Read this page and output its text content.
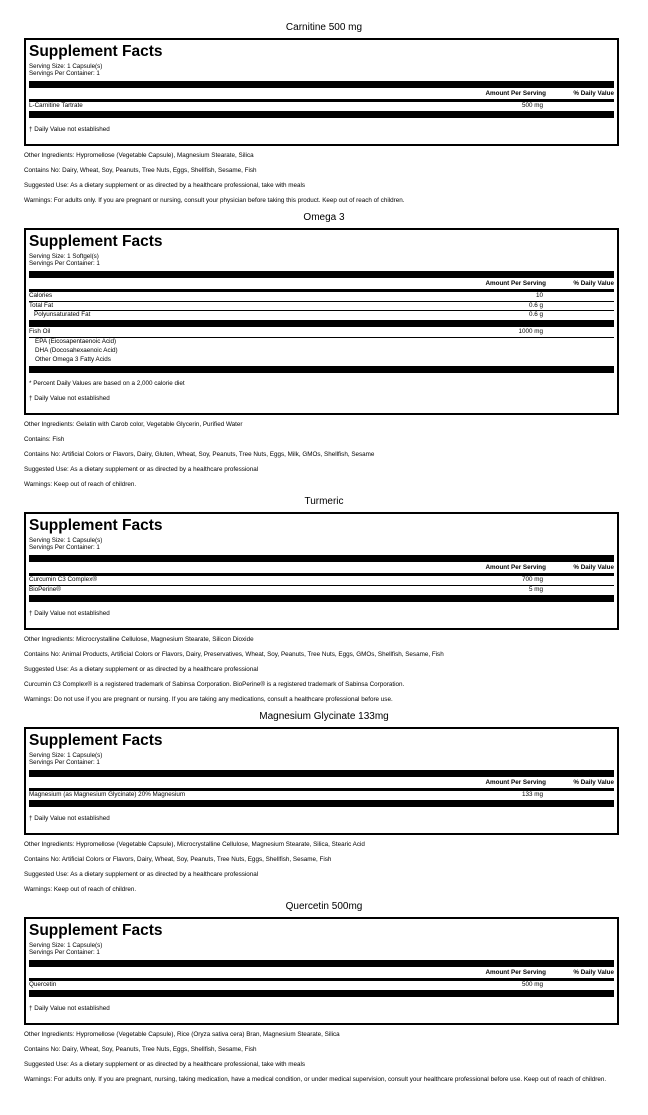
Carnitine 500 mg
Supplement Facts
Serving Size: 1 Capsule(s)
Servings Per Container: 1
Amount Per Serving	% Daily Value
L-Carnitine Tartrate	500 mg
† Daily Value not established
Other Ingredients: Hypromellose (Vegetable Capsule), Magnesium Stearate, Silica
Contains No: Dairy, Wheat, Soy, Peanuts, Tree Nuts, Eggs, Shellfish, Sesame, Fish
Suggested Use: As a dietary supplement or as directed by a healthcare professional, take with meals
Warnings: For adults only. If you are pregnant or nursing, consult your physician before taking this product. Keep out of reach of children.
Omega 3
Supplement Facts
Serving Size: 1 Softgel(s)
Servings Per Container: 1
Amount Per Serving	% Daily Value
Calories	10
Total Fat	0.6 g
Polyunsaturated Fat	0.6 g
Fish Oil	1000 mg
EPA (Eicosapentaenoic Acid)
DHA (Docosahexaenoic Acid)
Other Omega 3 Fatty Acids
* Percent Daily Values are based on a 2,000 calorie diet
† Daily Value not established
Other Ingredients: Gelatin with Carob color, Vegetable Glycerin, Purified Water
Contains: Fish
Contains No: Artificial Colors or Flavors, Dairy, Gluten, Wheat, Soy, Peanuts, Tree Nuts, Eggs, Milk, GMOs, Shellfish, Sesame
Suggested Use: As a dietary supplement or as directed by a healthcare professional
Warnings: Keep out of reach of children.
Turmeric
Supplement Facts
Serving Size: 1 Capsule(s)
Servings Per Container: 1
Amount Per Serving	% Daily Value
Curcumin C3 Complex®	700 mg
BioPerine®	5 mg
† Daily Value not established
Other Ingredients: Microcrystalline Cellulose, Magnesium Stearate, Silicon Dioxide
Contains No: Animal Products, Artificial Colors or Flavors, Dairy, Preservatives, Wheat, Soy, Peanuts, Tree Nuts, Eggs, GMOs, Shellfish, Sesame, Fish
Suggested Use: As a dietary supplement or as directed by a healthcare professional
Curcumin C3 Complex® is a registered trademark of Sabinsa Corporation. BioPerine® is a registered trademark of Sabinsa Corporation.
Warnings: Do not use if you are pregnant or nursing. If you are taking any medications, consult a healthcare professional before use.
Magnesium Glycinate 133mg
Supplement Facts
Serving Size: 1 Capsule(s)
Servings Per Container: 1
Amount Per Serving	% Daily Value
Magnesium (as Magnesium Glycinate) 20% Magnesium	133 mg
† Daily Value not established
Other Ingredients: Hypromellose (Vegetable Capsule), Microcrystalline Cellulose, Magnesium Stearate, Silica, Stearic Acid
Contains No: Artificial Colors or Flavors, Dairy, Wheat, Soy, Peanuts, Tree Nuts, Eggs, Shellfish, Sesame, Fish
Suggested Use: As a dietary supplement or as directed by a healthcare professional
Warnings: Keep out of reach of children.
Quercetin 500mg
Supplement Facts
Serving Size: 1 Capsule(s)
Servings Per Container: 1
Amount Per Serving	% Daily Value
Quercetin	500 mg
† Daily Value not established
Other Ingredients: Hypromellose (Vegetable Capsule), Rice (Oryza sativa cera) Bran, Magnesium Stearate, Silica
Contains No: Dairy, Wheat, Soy, Peanuts, Tree Nuts, Eggs, Shellfish, Sesame, Fish
Suggested Use: As a dietary supplement or as directed by a healthcare professional, take with meals
Warnings: For adults only. If you are pregnant, nursing, taking medication, have a medical condition, or under medical supervision, consult your healthcare professional before use. Keep out of reach of children.
